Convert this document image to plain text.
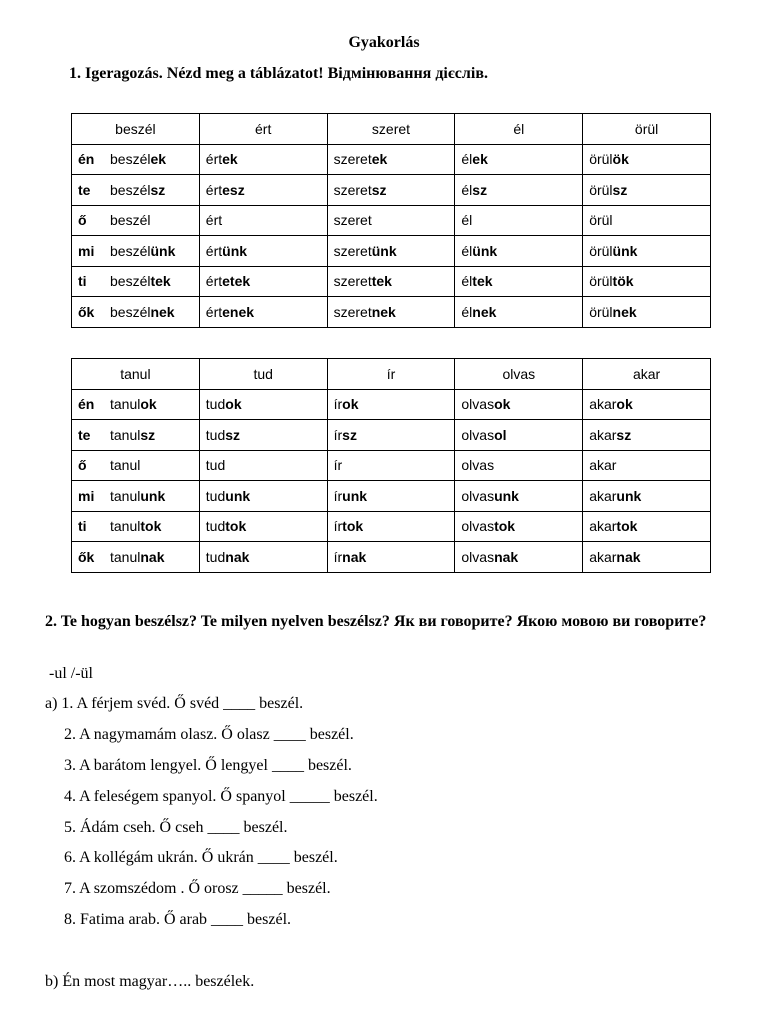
Gyakorlás
1. Igeragozás. Nézd meg a táblázatot! Відмінювання дієслів.
beszél	ért	szeret	él	örül
én beszélek	értek	szeretek	élek	örülök
te beszélsz	értesz	szeretsz	élsz	örülsz
ő beszél	ért	szeret	él	örül
mi beszélünk	értünk	szeretünk	élünk	örülünk
ti beszéltek	értetek	szerettek	éltek	örültök
ők beszélnek	értenek	szeretnek	élnek	örülnek
tanul	tud	ír	olvas	akar
én tanulok	tudok	írok	olvasok	akarok
te tanulsz	tudsz	írsz	olvasol	akarsz
ő tanul	tud	ír	olvas	akar
mi tanulunk	tudunk	írunk	olvasunk	akarunk
ti tanultok	tudtok	írtok	olvastok	akartok
ők tanulnak	tudnak	írnak	olvasnak	akarnak
2. Te hogyan beszélsz? Te milyen nyelven beszélsz? Як ви говорите? Якою мовою ви говорите?
-ul /-ül
a) 1. A férjem svéd. Ő svéd ____ beszél.
2. A nagymamám olasz. Ő olasz ____ beszél.
3. A barátom lengyel. Ő lengyel ____ beszél.
4. A feleségem spanyol. Ő spanyol _____ beszél.
5. Ádám cseh. Ő cseh ____ beszél.
6. A kollégám ukrán. Ő ukrán ____ beszél.
7. A szomszédom . Ő orosz _____ beszél.
8. Fatima arab. Ő arab ____ beszél.
b) Én most magyar….. beszélek.
